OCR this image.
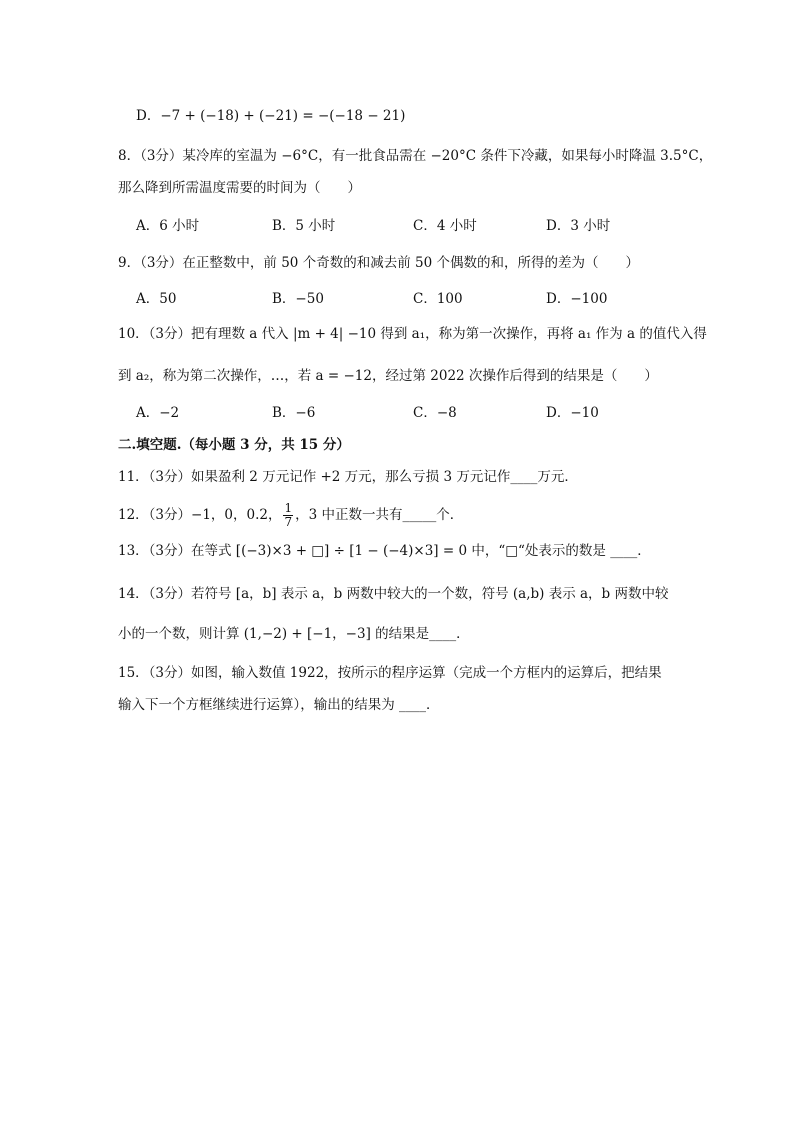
D．−7 + (−18) + (−21) = −(−18 − 21)
8．（3分）某冷库的室温为 −6°C，有一批食品需在 −20°C 条件下冷藏，如果每小时降温 3.5°C，
那么降到所需温度需要的时间为（　　）
A．6 小时	B．5 小时	C．4 小时	D．3 小时
9．（3分）在正整数中，前 50 个奇数的和减去前 50 个偶数的和，所得的差为（　　）
A．50	B．−50	C．100	D．−100
10．（3分）把有理数 a 代入 |m + 4| −10 得到 a₁，称为第一次操作，再将 a₁ 作为 a 的值代入得
到 a₂，称为第二次操作，…，若 a = −12，经过第 2022 次操作后得到的结果是（　　）
A．−2	B．−6	C．−8	D．−10
二.填空题.（每小题 3 分，共 15 分）
11．（3分）如果盈利 2 万元记作 +2 万元，那么亏损 3 万元记作____万元．
12．（3分）−1，0，0.2， $\frac{1}{7}$ ，3 中正数一共有_____个．
13．（3分）在等式 [(−3)×3 + □] ÷ [1 − (−4)×3] = 0 中，“□“处表示的数是 ____．
14．（3分）若符号 [a，b] 表示 a，b 两数中较大的一个数，符号 (a,b) 表示 a，b 两数中较
小的一个数，则计算 (1,−2) + [−1，−3] 的结果是____．
15．（3分）如图，输入数值 1922，按所示的程序运算（完成一个方框内的运算后，把结果
输入下一个方框继续进行运算），输出的结果为 ____．
